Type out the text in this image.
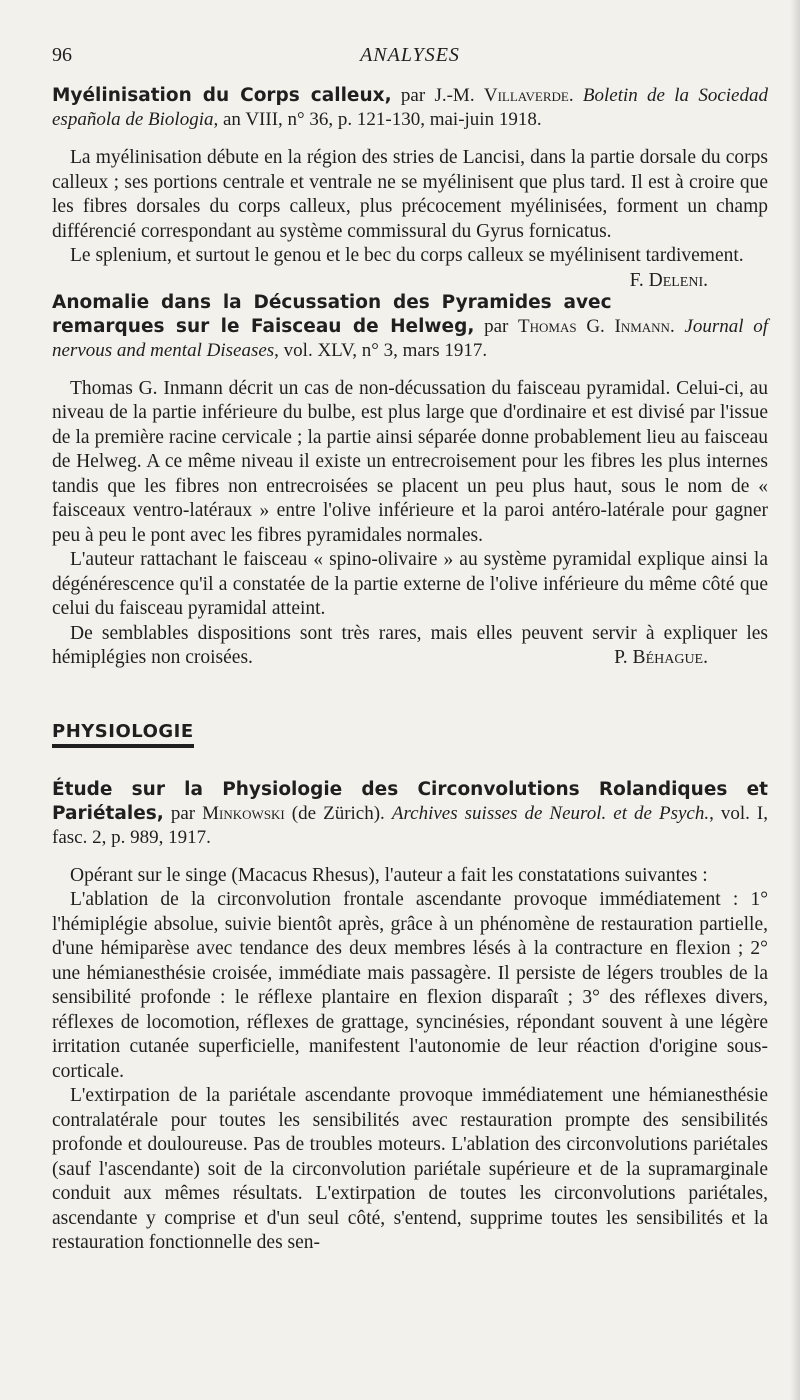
96	ANALYSES

Myélinisation du Corps calleux, par J.-M. Villaverde. Boletin de la Sociedad española de Biologia, an VIII, n° 36, p. 121-130, mai-juin 1918.

La myélinisation débute en la région des stries de Lancisi, dans la partie dorsale du corps calleux ; ses portions centrale et ventrale ne se myélinisent que plus tard. Il est à croire que les fibres dorsales du corps calleux, plus précocement myélinisées, forment un champ différencié correspondant au système commissural du Gyrus fornicatus.

Le splenium, et surtout le genou et le bec du corps calleux se myélinisent tardivement.
F. Deleni.

Anomalie dans la Décussation des Pyramides avec remarques sur le Faisceau de Helweg, par Thomas G. Inmann. Journal of nervous and mental Diseases, vol. XLV, n° 3, mars 1917.

Thomas G. Inmann décrit un cas de non-décussation du faisceau pyramidal. Celui-ci, au niveau de la partie inférieure du bulbe, est plus large que d'ordinaire et est divisé par l'issue de la première racine cervicale ; la partie ainsi séparée donne probablement lieu au faisceau de Helweg. A ce même niveau il existe un entrecroisement pour les fibres les plus internes tandis que les fibres non entrecroisées se placent un peu plus haut, sous le nom de « faisceaux ventro-latéraux » entre l'olive inférieure et la paroi antéro-latérale pour gagner peu à peu le pont avec les fibres pyramidales normales.

L'auteur rattachant le faisceau « spino-olivaire » au système pyramidal explique ainsi la dégénérescence qu'il a constatée de la partie externe de l'olive inférieure du même côté que celui du faisceau pyramidal atteint.

De semblables dispositions sont très rares, mais elles peuvent servir à expliquer les hémiplégies non croisées.	P. Béhague.

PHYSIOLOGIE

Étude sur la Physiologie des Circonvolutions Rolandiques et Pariétales, par Minkowski (de Zürich). Archives suisses de Neurol. et de Psych., vol. I, fasc. 2, p. 989, 1917.

Opérant sur le singe (Macacus Rhesus), l'auteur a fait les constatations suivantes :

L'ablation de la circonvolution frontale ascendante provoque immédiatement : 1° l'hémiplégie absolue, suivie bientôt après, grâce à un phénomène de restauration partielle, d'une hémiparèse avec tendance des deux membres lésés à la contracture en flexion ; 2° une hémianesthésie croisée, immédiate mais passagère. Il persiste de légers troubles de la sensibilité profonde : le réflexe plantaire en flexion disparaît ; 3° des réflexes divers, réflexes de locomotion, réflexes de grattage, syncinésies, répondant souvent à une légère irritation cutanée superficielle, manifestent l'autonomie de leur réaction d'origine sous-corticale.

L'extirpation de la pariétale ascendante provoque immédiatement une hémianesthésie contralatérale pour toutes les sensibilités avec restauration prompte des sensibilités profonde et douloureuse. Pas de troubles moteurs. L'ablation des circonvolutions pariétales (sauf l'ascendante) soit de la circonvolution pariétale supérieure et de la supramarginale conduit aux mêmes résultats. L'extirpation de toutes les circonvolutions pariétales, ascendante y comprise et d'un seul côté, s'entend, supprime toutes les sensibilités et la restauration fonctionnelle des sen-
